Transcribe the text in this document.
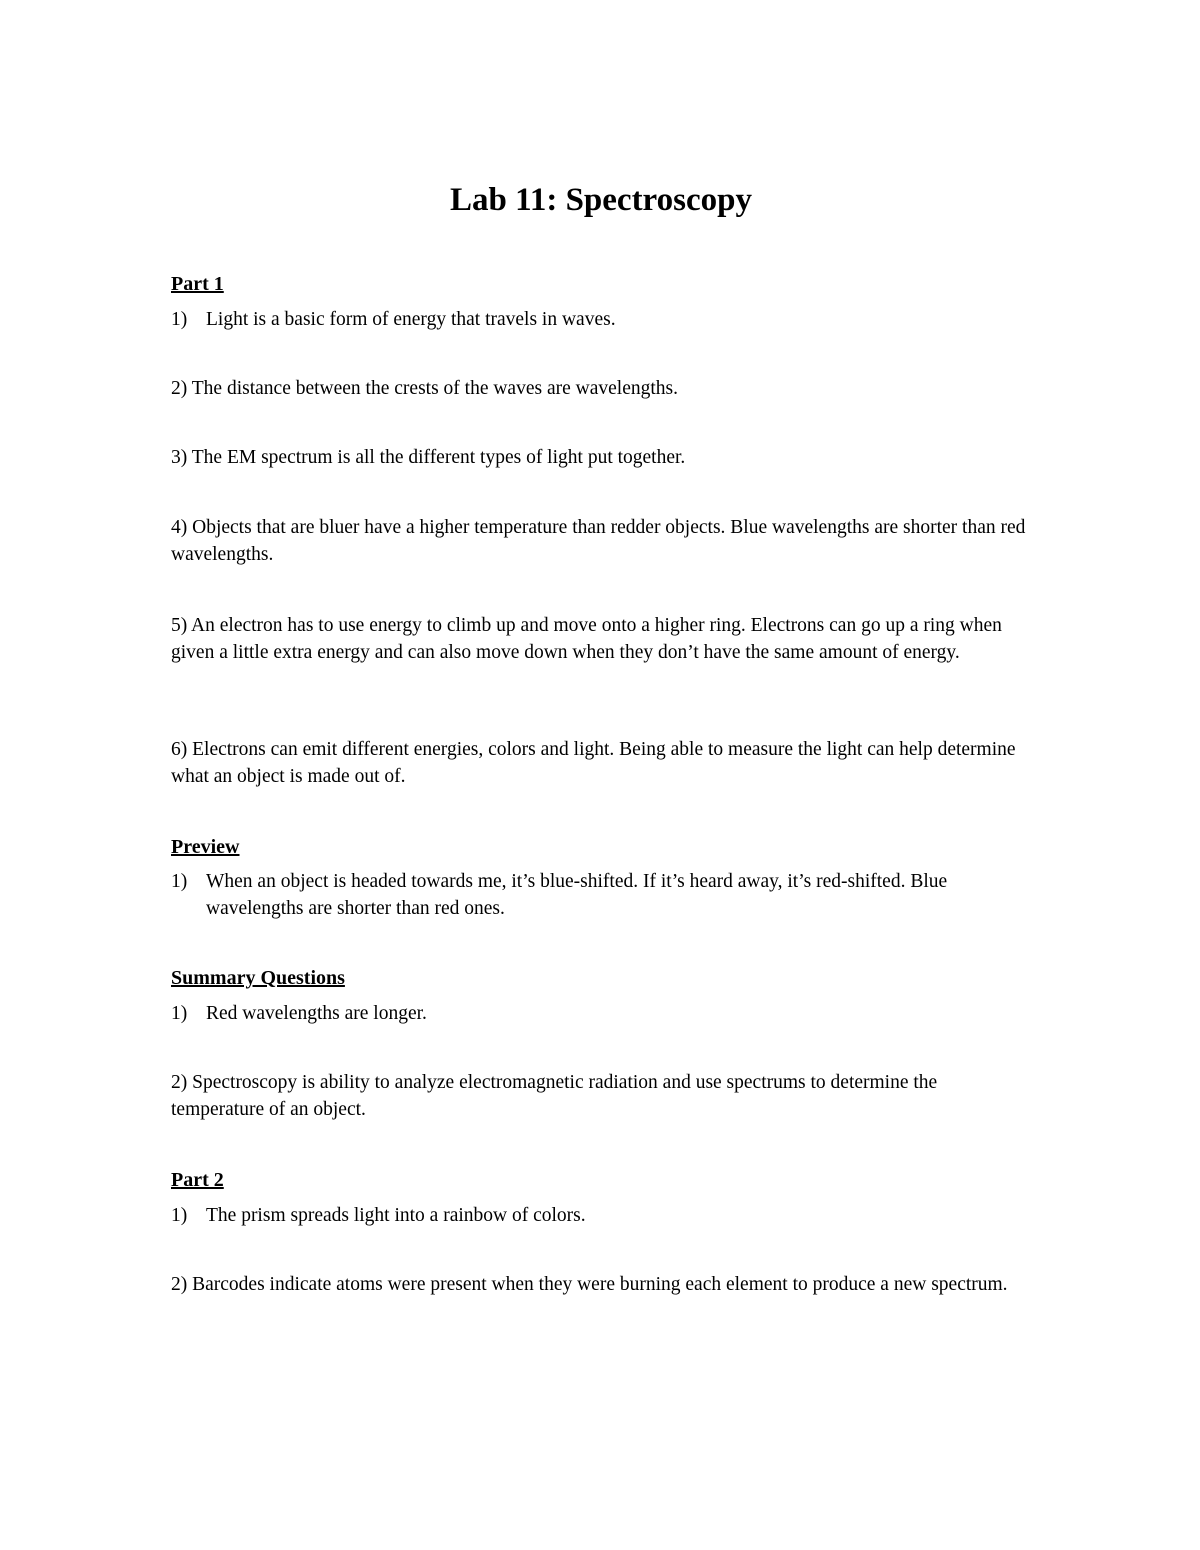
Lab 11: Spectroscopy
Part 1
1) Light is a basic form of energy that travels in waves.

2) The distance between the crests of the waves are wavelengths.

3) The EM spectrum is all the different types of light put together.

4) Objects that are bluer have a higher temperature than redder objects. Blue wavelengths are shorter than red wavelengths.

5) An electron has to use energy to climb up and move onto a higher ring. Electrons can go up a ring when given a little extra energy and can also move down when they don’t have the same amount of energy.

6) Electrons can emit different energies, colors and light. Being able to measure the light can help determine what an object is made out of.

Preview
1) When an object is headed towards me, it’s blue-shifted. If it’s heard away, it’s red-shifted. Blue wavelengths are shorter than red ones.
Summary Questions
1) Red wavelengths are longer.

2) Spectroscopy is ability to analyze electromagnetic radiation and use spectrums to determine the temperature of an object.

Part 2
1) The prism spreads light into a rainbow of colors.

2) Barcodes indicate atoms were present when they were burning each element to produce a new spectrum.
